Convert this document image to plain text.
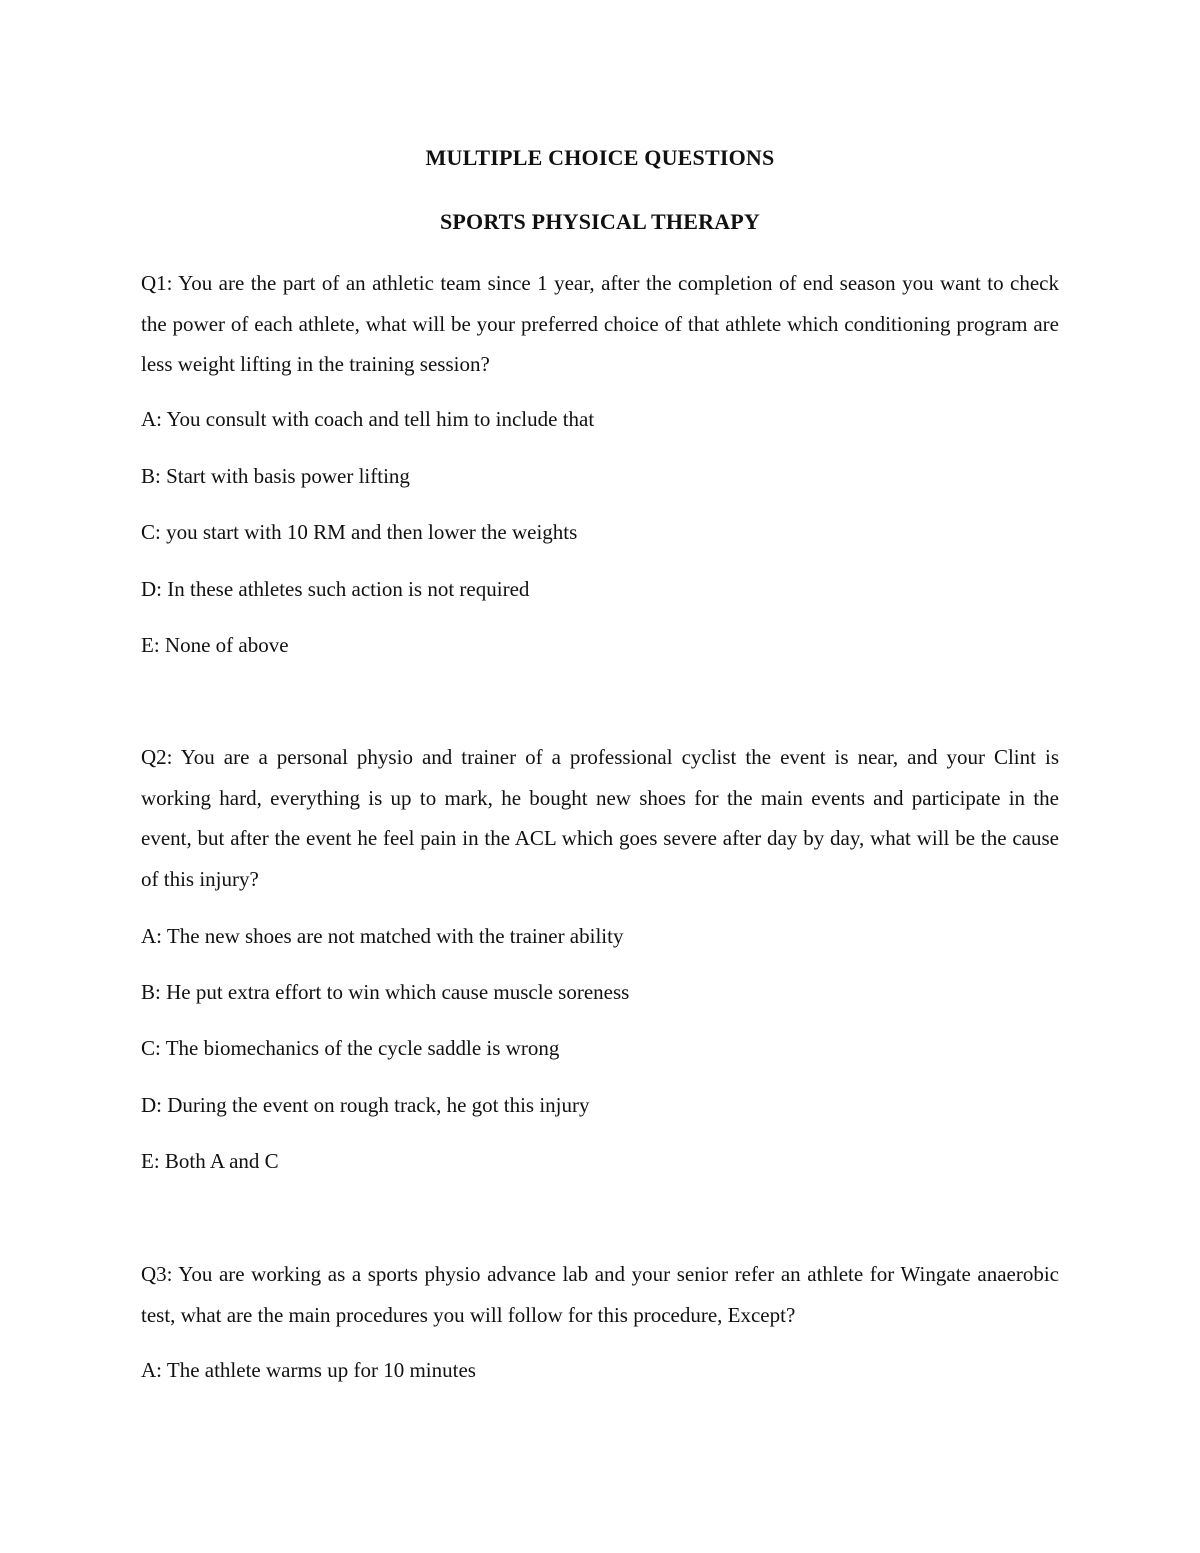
MULTIPLE CHOICE QUESTIONS
SPORTS PHYSICAL THERAPY
Q1: You are the part of an athletic team since 1 year, after the completion of end season you want to check the power of each athlete, what will be your preferred choice of that athlete which conditioning program are less weight lifting in the training session?
A: You consult with coach and tell him to include that
B: Start with basis power lifting
C: you start with 10 RM and then lower the weights
D: In these athletes such action is not required
E: None of above
Q2: You are a personal physio and trainer of a professional cyclist the event is near, and your Clint is working hard, everything is up to mark, he bought new shoes for the main events and participate in the event, but after the event he feel pain in the ACL which goes severe after day by day, what will be the cause of this injury?
A: The new shoes are not matched with the trainer ability
B: He put extra effort to win which cause muscle soreness
C: The biomechanics of the cycle saddle is wrong
D: During the event on rough track, he got this injury
E: Both A and C
Q3: You are working as a sports physio advance lab and your senior refer an athlete for Wingate anaerobic test, what are the main procedures you will follow for this procedure, Except?
A: The athlete warms up for 10 minutes
